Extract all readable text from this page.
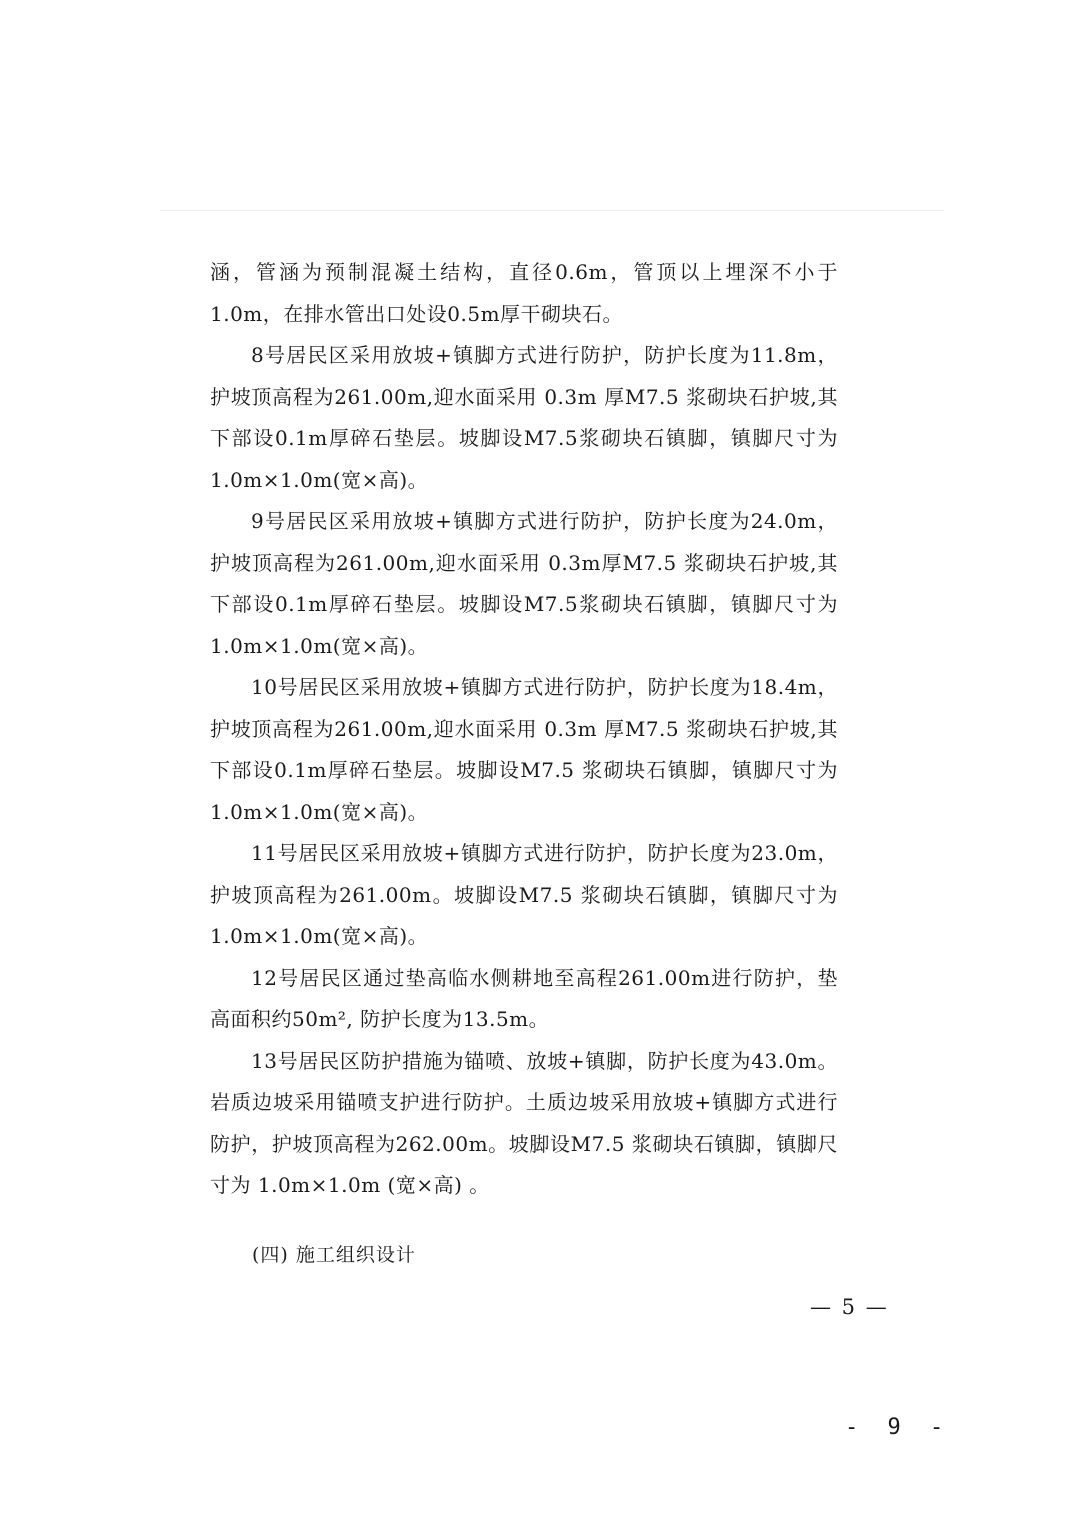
涵，管涵为预制混凝土结构，直径0.6m，管顶以上埋深不小于1.0m，在排水管出口处设0.5m厚干砌块石。

8号居民区采用放坡+镇脚方式进行防护，防护长度为11.8m，护坡顶高程为261.00m,迎水面采用 0.3m 厚M7.5 浆砌块石护坡,其下部设0.1m厚碎石垫层。坡脚设M7.5浆砌块石镇脚，镇脚尺寸为1.0m×1.0m(宽×高)。

9号居民区采用放坡+镇脚方式进行防护，防护长度为24.0m，护坡顶高程为261.00m,迎水面采用 0.3m厚M7.5 浆砌块石护坡,其下部设0.1m厚碎石垫层。坡脚设M7.5浆砌块石镇脚，镇脚尺寸为1.0m×1.0m(宽×高)。

10号居民区采用放坡+镇脚方式进行防护，防护长度为18.4m，护坡顶高程为261.00m,迎水面采用 0.3m 厚M7.5 浆砌块石护坡,其下部设0.1m厚碎石垫层。坡脚设M7.5 浆砌块石镇脚，镇脚尺寸为 1.0m×1.0m(宽×高)。

11号居民区采用放坡+镇脚方式进行防护，防护长度为23.0m，护坡顶高程为261.00m。坡脚设M7.5 浆砌块石镇脚，镇脚尺寸为1.0m×1.0m(宽×高)。

12号居民区通过垫高临水侧耕地至高程261.00m进行防护，垫高面积约50m², 防护长度为13.5m。

13号居民区防护措施为锚喷、放坡+镇脚，防护长度为43.0m。岩质边坡采用锚喷支护进行防护。土质边坡采用放坡+镇脚方式进行防护，护坡顶高程为262.00m。坡脚设M7.5 浆砌块石镇脚，镇脚尺寸为 1.0m×1.0m (宽×高) 。

(四) 施工组织设计
— 5 —
- 9 -
